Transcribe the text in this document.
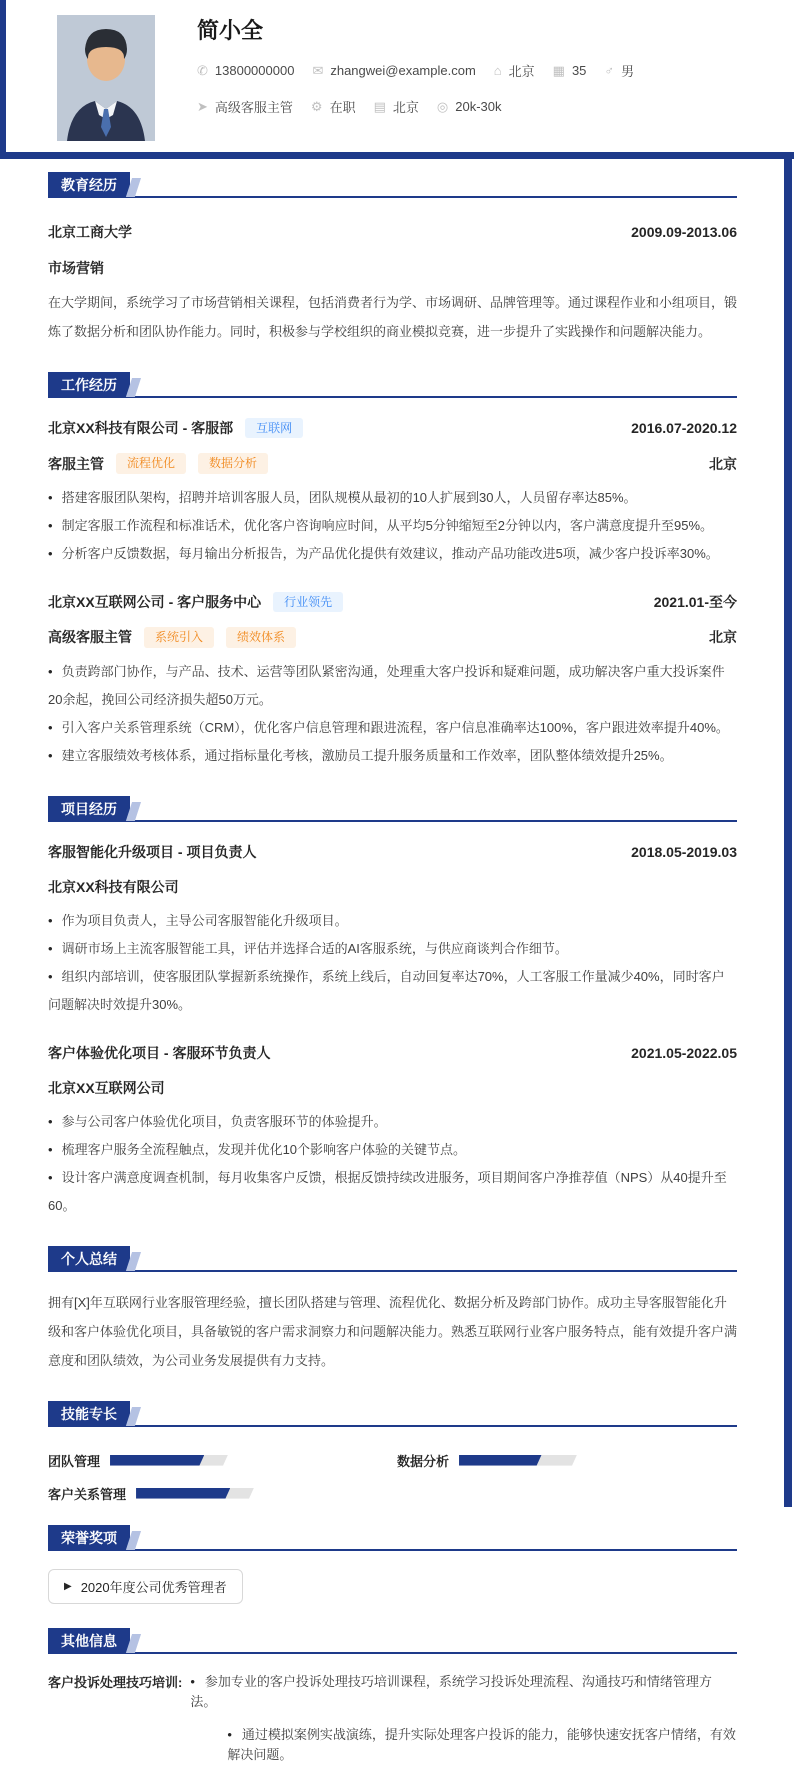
简小全
✆ 13800000000 ✉ zhangwei@example.com ⌂ 北京 ▦ 35 ♂ 男
➤ 高级客服主管 ⚙ 在职 ▤ 北京 ◎ 20k-30k
教育经历
北京工商大学	2009.09-2013.06
市场营销

在大学期间，系统学习了市场营销相关课程，包括消费者行为学、市场调研、品牌管理等。通过课程作业和小组项目，锻炼了数据分析和团队协作能力。同时，积极参与学校组织的商业模拟竞赛，进一步提升了实践操作和问题解决能力。

工作经历
北京XX科技有限公司 - 客服部	互联网	2016.07-2020.12
客服主管	流程优化	数据分析	北京
• 搭建客服团队架构，招聘并培训客服人员，团队规模从最初的10人扩展到30人，人员留存率达85%。
• 制定客服工作流程和标准话术，优化客户咨询响应时间，从平均5分钟缩短至2分钟以内，客户满意度提升至95%。
• 分析客户反馈数据，每月输出分析报告，为产品优化提供有效建议，推动产品功能改进5项，减少客户投诉率30%。
北京XX互联网公司 - 客户服务中心	行业领先	2021.01-至今
高级客服主管	系统引入	绩效体系	北京
• 负责跨部门协作，与产品、技术、运营等团队紧密沟通，处理重大客户投诉和疑难问题，成功解决客户重大投诉案件20余起，挽回公司经济损失超50万元。
• 引入客户关系管理系统（CRM），优化客户信息管理和跟进流程，客户信息准确率达100%，客户跟进效率提升40%。
• 建立客服绩效考核体系，通过指标量化考核，激励员工提升服务质量和工作效率，团队整体绩效提升25%。
项目经历
客服智能化升级项目 - 项目负责人	2018.05-2019.03
北京XX科技有限公司
• 作为项目负责人，主导公司客服智能化升级项目。
• 调研市场上主流客服智能工具，评估并选择合适的AI客服系统，与供应商谈判合作细节。
• 组织内部培训，使客服团队掌握新系统操作，系统上线后，自动回复率达70%，人工客服工作量减少40%，同时客户问题解决时效提升30%。
客户体验优化项目 - 客服环节负责人	2021.05-2022.05
北京XX互联网公司
• 参与公司客户体验优化项目，负责客服环节的体验提升。
• 梳理客户服务全流程触点，发现并优化10个影响客户体验的关键节点。
• 设计客户满意度调查机制，每月收集客户反馈，根据反馈持续改进服务，项目期间客户净推荐值（NPS）从40提升至60。
个人总结

拥有[X]年互联网行业客服管理经验，擅长团队搭建与管理、流程优化、数据分析及跨部门协作。成功主导客服智能化升级和客户体验优化项目，具备敏锐的客户需求洞察力和问题解决能力。熟悉互联网行业客户服务特点，能有效提升客户满意度和团队绩效，为公司业务发展提供有力支持。

技能专长
团队管理	数据分析
客户关系管理
荣誉奖项
▶ 2020年度公司优秀管理者
其他信息
客户投诉处理技巧培训:	• 参加专业的客户投诉处理技巧培训课程，系统学习投诉处理流程、沟通技巧和情绪管理方法。
• 通过模拟案例实战演练，提升实际处理客户投诉的能力，能够快速安抚客户情绪，有效解决问题。
